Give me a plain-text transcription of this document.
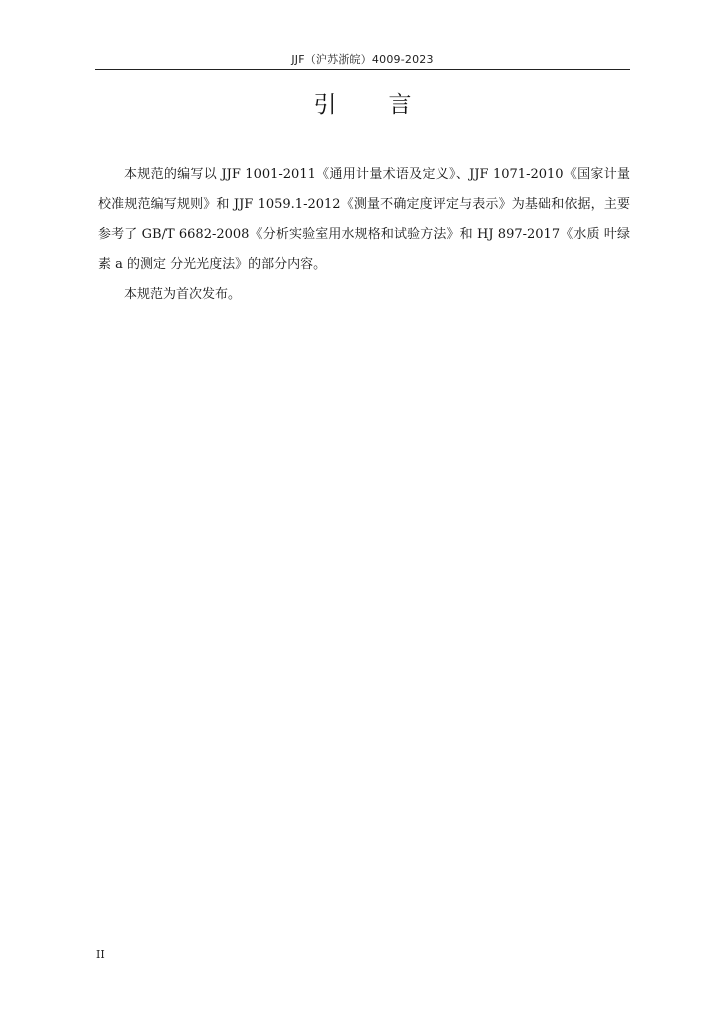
JJF（沪苏浙皖）4009-2023
引言

本规范的编写以 JJF 1001-2011《通用计量术语及定义》、JJF 1071-2010《国家计量校准规范编写规则》和 JJF 1059.1-2012《测量不确定度评定与表示》为基础和依据，主要参考了 GB/T 6682-2008《分析实验室用水规格和试验方法》和 HJ 897-2017《水质 叶绿素 a 的测定 分光光度法》的部分内容。

本规范为首次发布。

II
